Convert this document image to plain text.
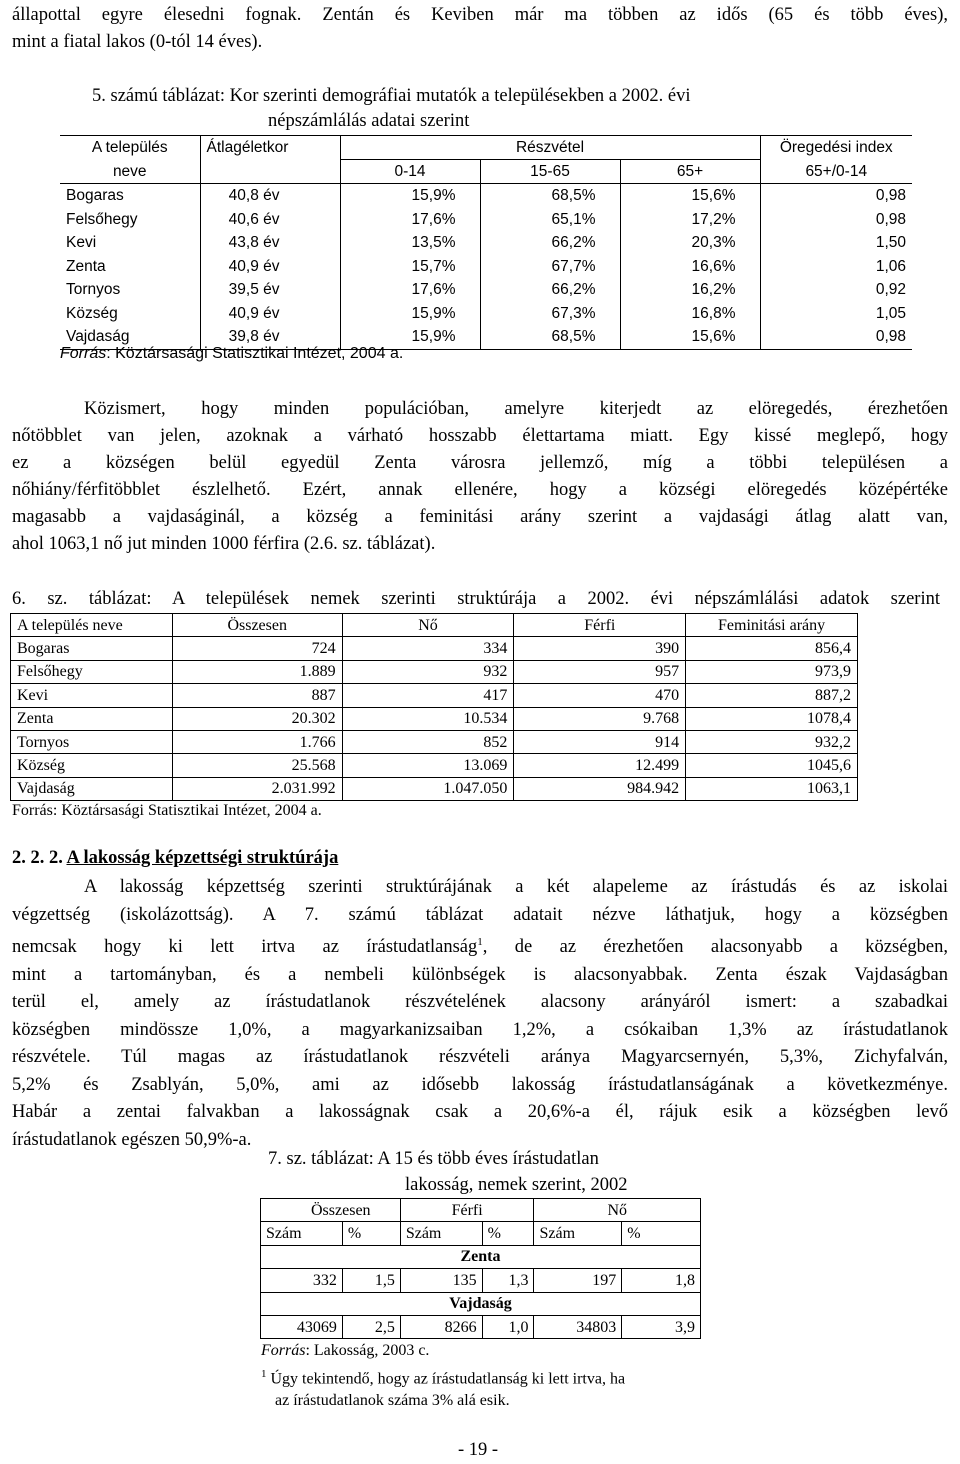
állapottal egyre élesedni fognak. Zentán és Keviben már ma többen az idős (65 és több éves),
mint a fiatal lakos (0-tól 14 éves).
5. számú táblázat: Kor szerinti demográfiai mutatók a településekben a 2002. évi
népszámlálás adatai szerint
A település	Átlagéletkor	Részvétel			Öregedési index
neve		0-14	15-65	65+	65+/0-14
Bogaras	40,8 év	15,9%	68,5%	15,6%	0,98
Felsőhegy	40,6 év	17,6%	65,1%	17,2%	0,98
Kevi	43,8 év	13,5%	66,2%	20,3%	1,50
Zenta	40,9 év	15,7%	67,7%	16,6%	1,06
Tornyos	39,5 év	17,6%	66,2%	16,2%	0,92
Község	40,9 év	15,9%	67,3%	16,8%	1,05
Vajdaság	39,8 év	15,9%	68,5%	15,6%	0,98
Forrás: Köztársasági Statisztikai Intézet, 2004 a.

Közismert, hogy minden populációban, amelyre kiterjedt az elöregedés, érezhetően

nőtöbblet van jelen, azoknak a várható hosszabb élettartama miatt. Egy kissé meglepő, hogy

ez a községen belül egyedül Zenta városra jellemző, míg a többi településen a

nőhiány/férfitöbblet észlelhető. Ezért, annak ellenére, hogy a községi elöregedés középértéke

magasabb a vajdaságinál, a község a feminitási arány szerint a vajdasági átlag alatt van,

ahol 1063,1 nő jut minden 1000 férfira (2.6. sz. táblázat).

6. sz. táblázat: A települések nemek szerinti struktúrája a 2002. évi népszámlálási adatok szerint
A település neve	Összesen	Nő	Férfi	Feminitási arány
Bogaras	724	334	390	856,4
Felsőhegy	1.889	932	957	973,9
Kevi	887	417	470	887,2
Zenta	20.302	10.534	9.768	1078,4
Tornyos	1.766	852	914	932,2
Község	25.568	13.069	12.499	1045,6
Vajdaság	2.031.992	1.047.050	984.942	1063,1
Forrás: Köztársasági Statisztikai Intézet, 2004 a.
2. 2. 2. A lakosság képzettségi struktúrája

A lakosság képzettség szerinti struktúrájának a két alapeleme az írástudás és az iskolai

végzettség (iskolázottság). A 7. számú táblázat adatait nézve láthatjuk, hogy a községben

nemcsak hogy ki lett irtva az írástudatlanság$^1$, de az érezhetően alacsonyabb a községben,

mint a tartományban, és a nembeli különbségek is alacsonyabbak. Zenta észak Vajdaságban

terül el, amely az írástudatlanok részvételének alacsony arányáról ismert: a szabadkai

községben mindössze 1,0%, a magyarkanizsaiban 1,2%, a csókaiban 1,3% az írástudatlanok

részvétele. Túl magas az írástudatlanok részvételi aránya Magyarcsernyén, 5,3%, Zichyfalván,

5,2% és Zsablyán, 5,0%, ami az idősebb lakosság írástudatlanságának a következménye.

Habár a zentai falvakban a lakosságnak csak a 20,6%-a él, rájuk esik a községben levő

írástudatlanok egészen 50,9%-a.

7. sz. táblázat: A 15 és több éves írástudatlan
lakosság, nemek szerint, 2002
Összesen		Férfi		Nő	
Szám	%	Szám	%	Szám	%
Zenta					
332	1,5	135	1,3	197	1,8
Vajdaság					
43069	2,5	8266	1,0	34803	3,9
Forrás: Lakosság, 2003 c.
$^1$ Úgy tekintendő, hogy az írástudatlanság ki lett irtva, ha
az írástudatlanok száma 3% alá esik.
- 19 -
